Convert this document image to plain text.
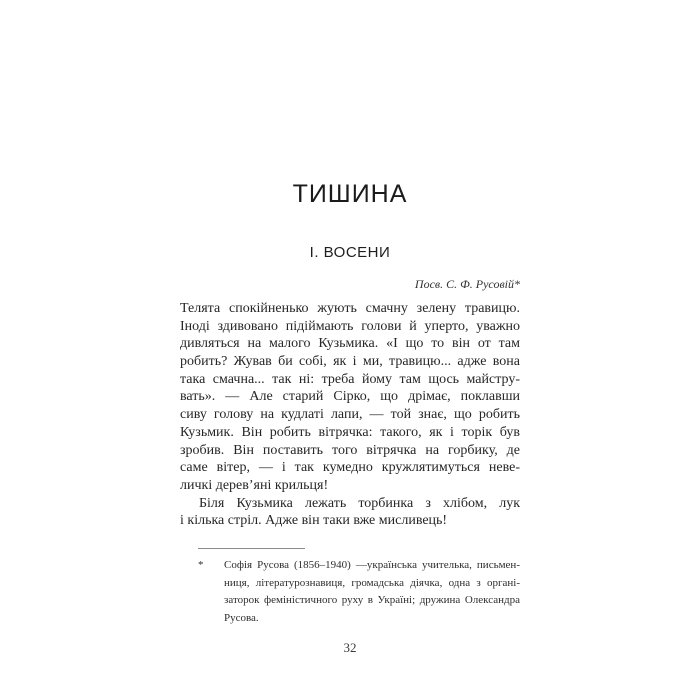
ТИШИНА
І. ВОСЕНИ
Посв. С. Ф. Русовій*
Телята спокійненько жують смачну зелену травицю.
Іноді здивовано підіймають голови й уперто, уважно
дивляться на малого Кузьмика. «І що то він от там
робить? Жував би собі, як і ми, травицю... адже вона
така смачна... так ні: треба йому там щось майстру-
вать». — Але старий Сірко, що дрімає, поклавши
сиву голову на кудлаті лапи, — той знає, що робить
Кузьмик. Він робить вітрячка: такого, як і торік був
зробив. Він поставить того вітрячка на горбику, де
саме вітер, — і так кумедно кружлятимуться неве-
личкі дерев’яні крильця!
Біля Кузьмика лежать торбинка з хлібом, лук
і кілька стріл. Адже він таки вже мисливець!
* Софія Русова (1856–1940) —українська учителька, письмен-
ниця, літературознавиця, громадська діячка, одна з органі-
заторок феміністичного руху в Україні; дружина Олександра
Русова.
32
